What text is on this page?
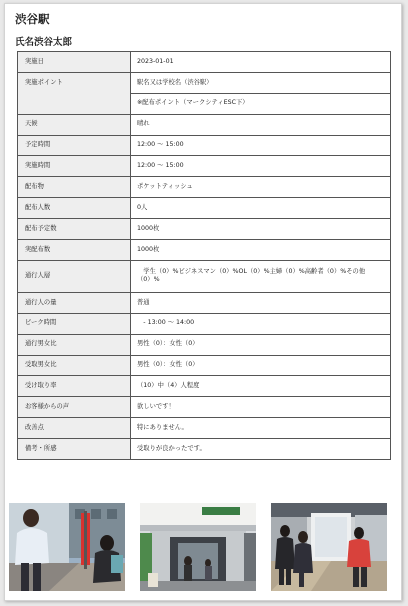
渋谷駅
氏名渋谷太郎
実施日	2023-01-01
実施ポイント	駅名又は学校名（渋谷駅）
	※配布ポイント（マークシティESC下）
天候	晴れ
予定時間	12:00 ～ 15:00
実施時間	12:00 ～ 15:00
配布物	ポケットティッシュ
配布人数	0人
配布予定数	1000枚
実配布数	1000枚
通行人層	　学生（0）%ビジネスマン（0）%OL（0）%主婦（0）%高齢者（0）%その他（0）%
通行人の量	普通
ピーク時間	　- 13:00 ～ 14:00
通行男女比	男性（0）：女性（0）
受取男女比	男性（0）：女性（0）
受け取り率	（10）中（4）人程度
お客様からの声	欲しいです！
改善点	特にありません。
備考・所感	受取りが良かったです。
